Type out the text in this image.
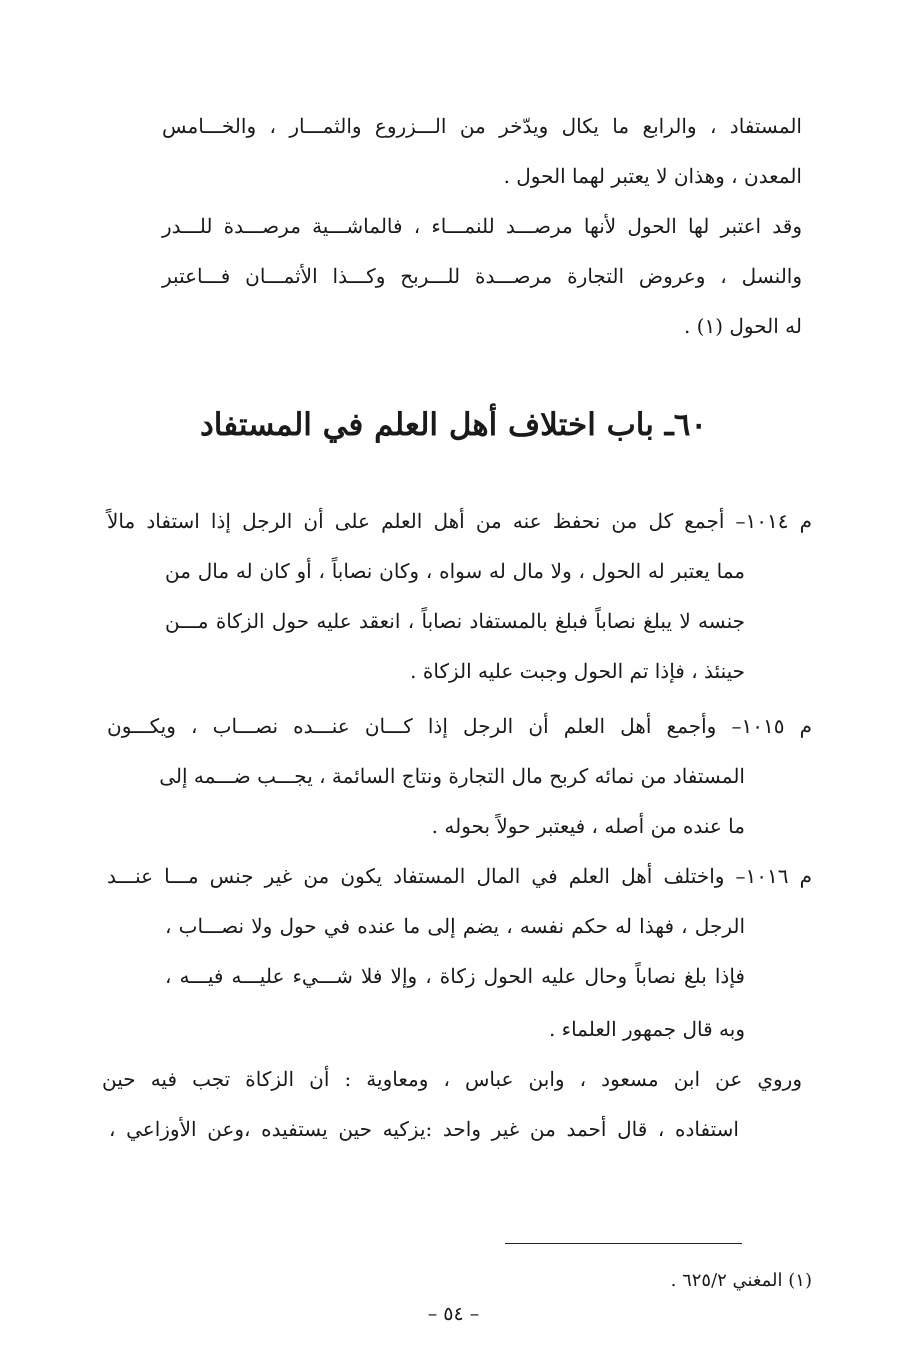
المستفاد ، والرابع ما يكال ويدّخر من الـــزروع والثمـــار ، والخـــامس
المعدن ، وهذان لا يعتبر لهما الحول .
وقد اعتبر لها الحول لأنها مرصـــد للنمـــاء ، فالماشـــية مرصـــدة للـــدر
والنسل ، وعروض التجارة مرصـــدة للـــربح وكـــذا الأثمـــان فـــاعتبر
له الحول (١) .
٦٠ـ باب اختلاف أهل العلم في المستفاد
م ١٠١٤– أجمع كل من نحفظ عنه من أهل العلم على أن الرجل إذا استفاد مالاً
مما يعتبر له الحول ، ولا مال له سواه ، وكان نصاباً ، أو كان له مال من
جنسه لا يبلغ نصاباً فبلغ بالمستفاد نصاباً ، انعقد عليه حول الزكاة مـــن
حينئذ ، فإذا تم الحول وجبت عليه الزكاة .
م ١٠١٥– وأجمع أهل العلم أن الرجل إذا كـــان عنـــده نصـــاب ، ويكـــون
المستفاد من نمائه كربح مال التجارة ونتاج السائمة ، يجـــب ضـــمه إلى
ما عنده من أصله ، فيعتبر حولاً بحوله .
م ١٠١٦– واختلف أهل العلم في المال المستفاد يكون من غير جنس مـــا عنـــد
الرجل ، فهذا له حكم نفسه ، يضم إلى ما عنده في حول ولا نصـــاب ،
فإذا بلغ نصاباً وحال عليه الحول زكاة ، وإلا فلا شـــيء عليـــه فيـــه ،
وبه قال جمهور العلماء .
وروي عن ابن مسعود ، وابن عباس ، ومعاوية : أن الزكاة تجب فيه حين
استفاده ، قال أحمد من غير واحد :يزكيه حين يستفيده ،وعن الأوزاعي ،
(١) المغني ٦٢٥/٢ .
– ٥٤ –
